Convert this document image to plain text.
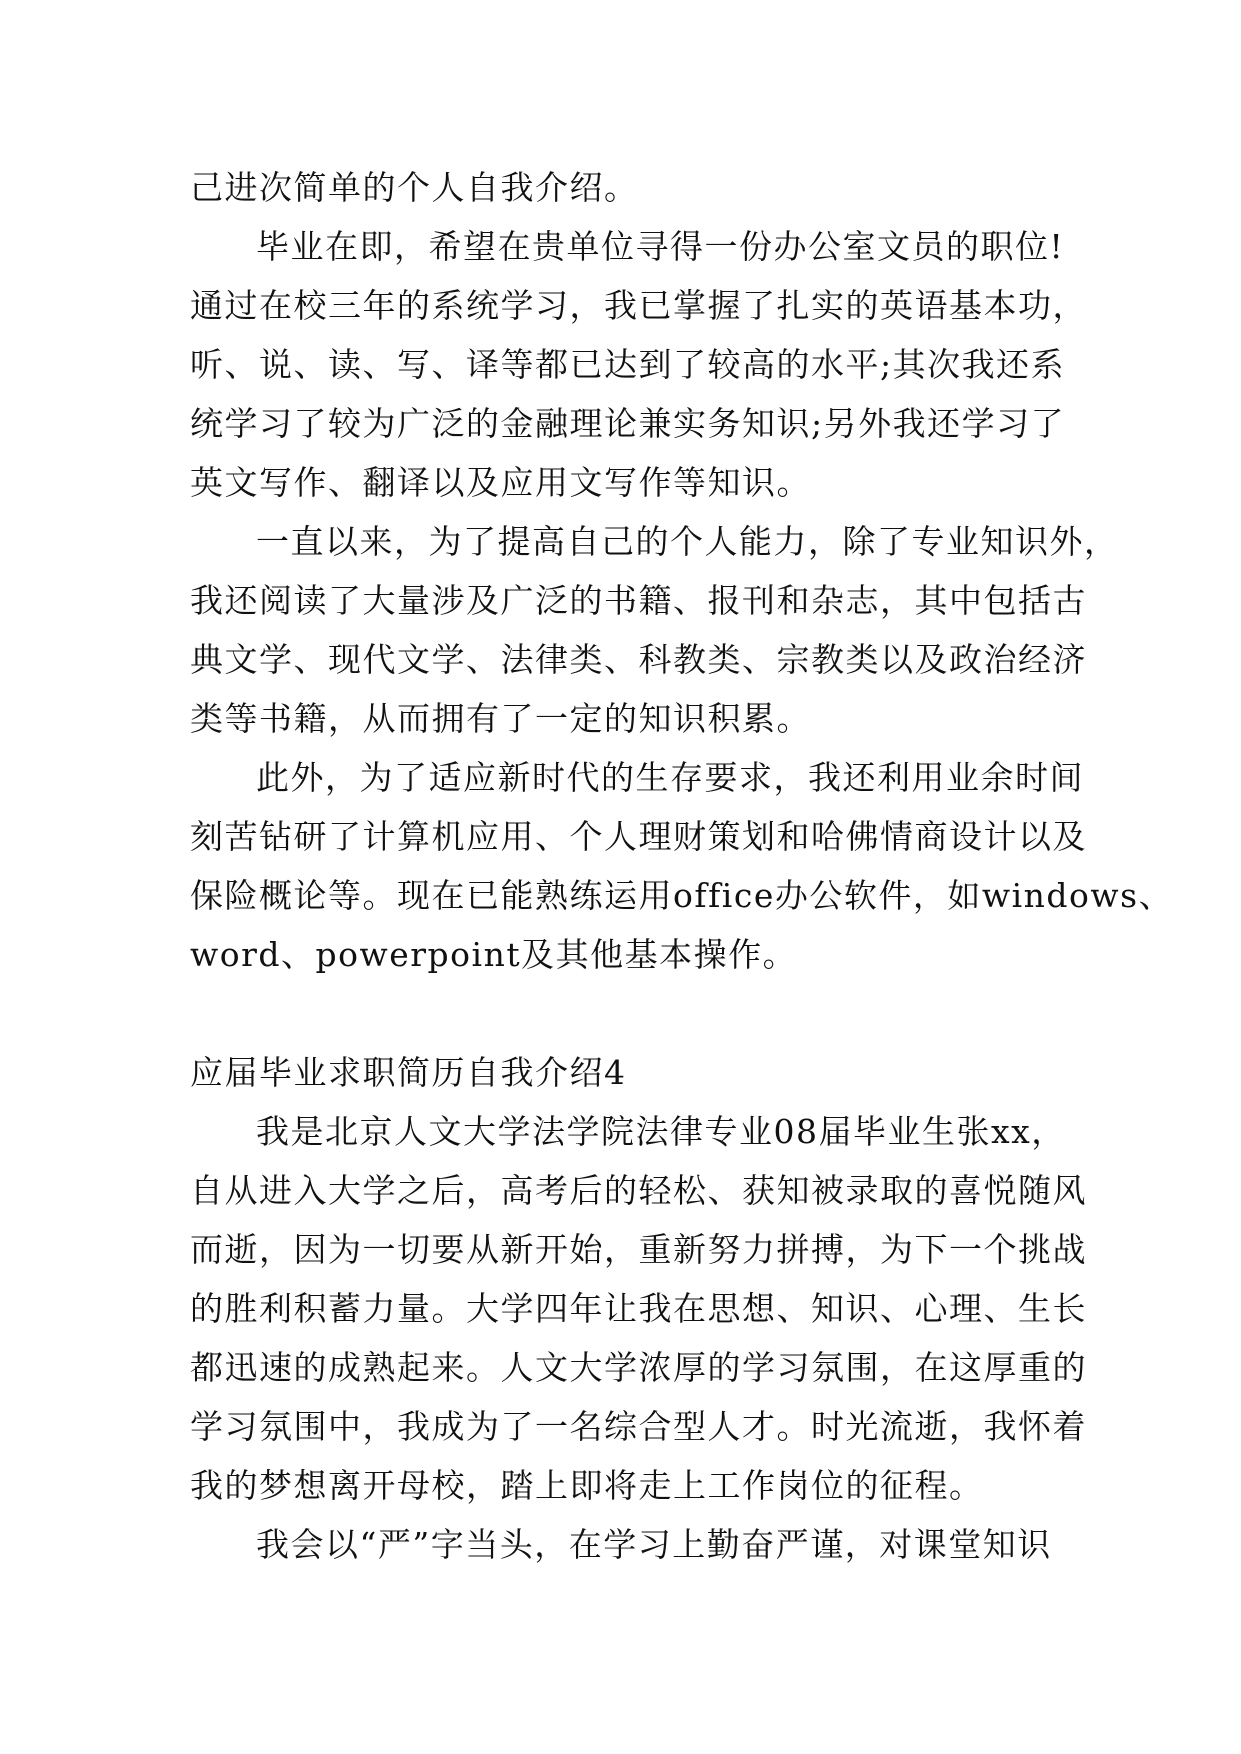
己进次简单的个人自我介绍。
毕业在即，希望在贵单位寻得一份办公室文员的职位!
通过在校三年的系统学习，我已掌握了扎实的英语基本功，
听、说、读、写、译等都已达到了较高的水平;其次我还系
统学习了较为广泛的金融理论兼实务知识;另外我还学习了
英文写作、翻译以及应用文写作等知识。
一直以来，为了提高自己的个人能力，除了专业知识外，
我还阅读了大量涉及广泛的书籍、报刊和杂志，其中包括古
典文学、现代文学、法律类、科教类、宗教类以及政治经济
类等书籍，从而拥有了一定的知识积累。
此外，为了适应新时代的生存要求，我还利用业余时间
刻苦钻研了计算机应用、个人理财策划和哈佛情商设计以及
保险概论等。现在已能熟练运用office办公软件，如windows、
word、powerpoint及其他基本操作。
应届毕业求职简历自我介绍4
我是北京人文大学法学院法律专业08届毕业生张xx，
自从进入大学之后，高考后的轻松、获知被录取的喜悦随风
而逝，因为一切要从新开始，重新努力拼搏，为下一个挑战
的胜利积蓄力量。大学四年让我在思想、知识、心理、生长
都迅速的成熟起来。人文大学浓厚的学习氛围，在这厚重的
学习氛围中，我成为了一名综合型人才。时光流逝，我怀着
我的梦想离开母校，踏上即将走上工作岗位的征程。
我会以“严”字当头，在学习上勤奋严谨，对课堂知识
